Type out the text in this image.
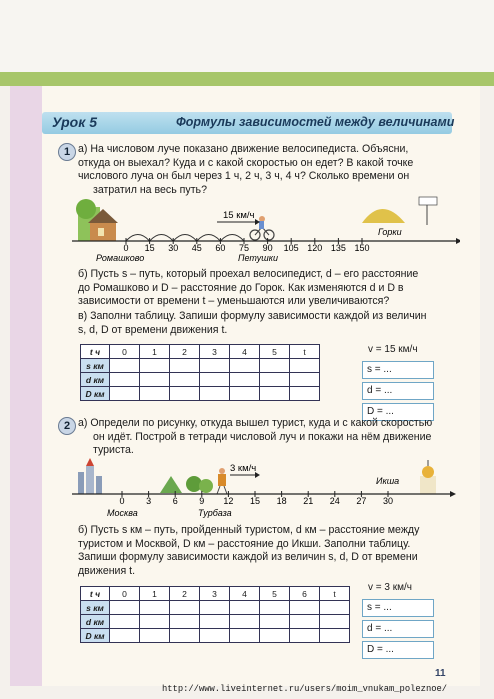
Урок 5	Формулы зависимостей между величинами
1 а) На числовом луче показано движение велосипедиста. Объясни,
откуда он выехал? Куда и с какой скоростью он едет? В какой точке
числового луча он был через 1 ч, 2 ч, 3 ч, 4 ч? Сколько времени он
затратил на весь путь?
15 км/ч
0 15 30 45 60 75 90 105 120 135 150
Ромашково	Петушки
Горки
б) Пусть s – путь, который проехал велосипедист, d – его расстояние
до Ромашково и D – расстояние до Горок. Как изменяются d и D в
зависимости от времени t – уменьшаются или увеличиваются?
в) Заполни таблицу. Запиши формулу зависимости каждой из величин
s, d, D от времени движения t.
t ч	0	1	2	3	4	5	t
s км							
d км							
D км							
v = 15 км/ч
s = ...
d = ...
D = ...
2 а) Определи по рисунку, откуда вышел турист, куда и с какой скоростью
он идёт. Построй в тетради числовой луч и покажи на нём движение
туриста.
3 км/ч
0 3 6 9 12 15 18 21 24 27 30
Москва	Турбаза
Икша
б) Пусть s км – путь, пройденный туристом, d км – расстояние между
туристом и Москвой, D км – расстояние до Икши. Заполни таблицу.
Запиши формулу зависимости каждой из величин s, d, D от времени
движения t.
t ч	0	1	2	3	4	5	6	t
s км								
d км								
D км								
v = 3 км/ч
s = ...
d = ...
D = ...
11
http://www.liveinternet.ru/users/moim_vnukam_poleznoe/
